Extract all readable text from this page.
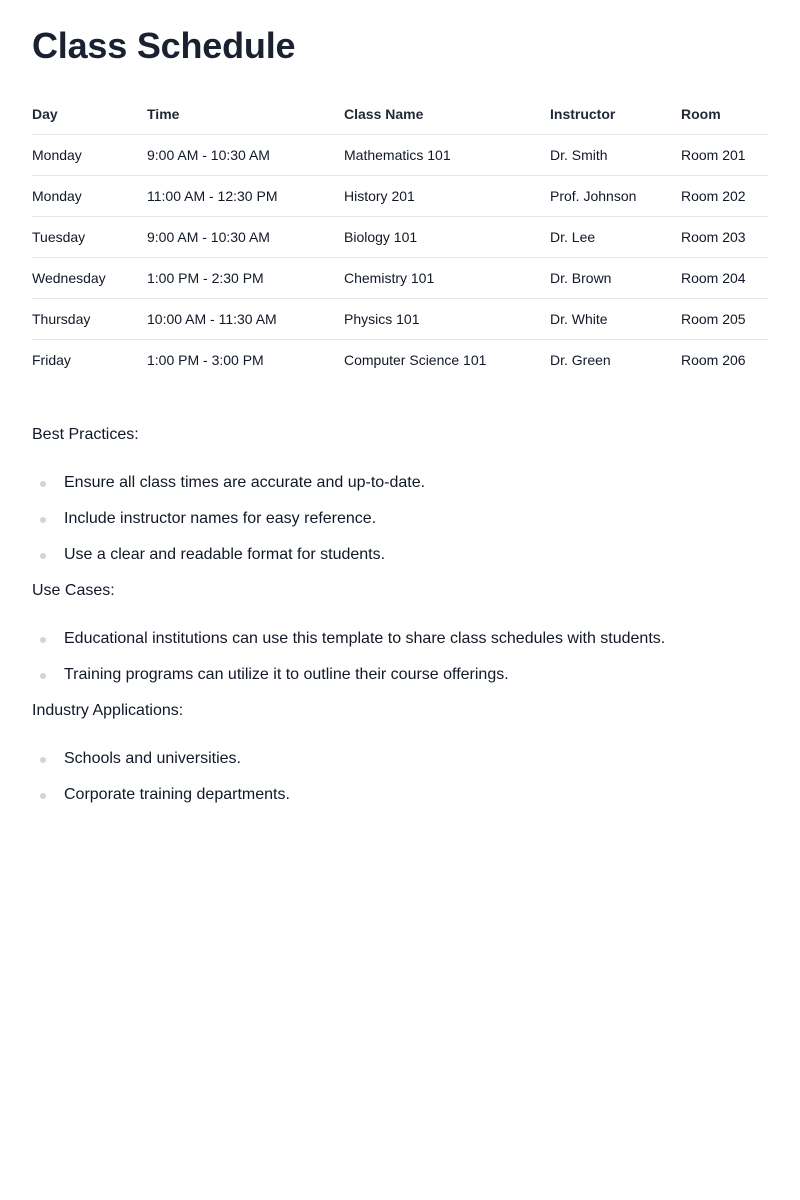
Class Schedule
Day	Time	Class Name	Instructor	Room
Monday	9:00 AM - 10:30 AM	Mathematics 101	Dr. Smith	Room 201
Monday	11:00 AM - 12:30 PM	History 201	Prof. Johnson	Room 202
Tuesday	9:00 AM - 10:30 AM	Biology 101	Dr. Lee	Room 203
Wednesday	1:00 PM - 2:30 PM	Chemistry 101	Dr. Brown	Room 204
Thursday	10:00 AM - 11:30 AM	Physics 101	Dr. White	Room 205
Friday	1:00 PM - 3:00 PM	Computer Science 101	Dr. Green	Room 206

Best Practices:

Ensure all class times are accurate and up-to-date.
Include instructor names for easy reference.
Use a clear and readable format for students.

Use Cases:

Educational institutions can use this template to share class schedules with students.
Training programs can utilize it to outline their course offerings.

Industry Applications:

Schools and universities.
Corporate training departments.
